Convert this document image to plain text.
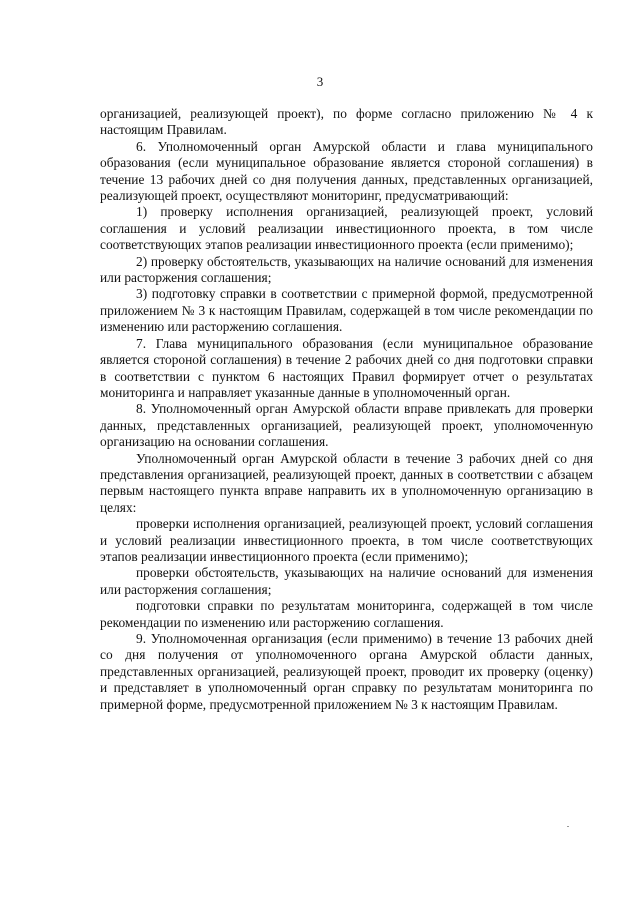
3

организацией, реализующей проект), по форме согласно приложению № 4 к настоящим Правилам.

6. Уполномоченный орган Амурской области и глава муниципального образования (если муниципальное образование является стороной соглашения) в течение 13 рабочих дней со дня получения данных, представленных организацией, реализующей проект, осуществляют мониторинг, предусматривающий:

1) проверку исполнения организацией, реализующей проект, условий соглашения и условий реализации инвестиционного проекта, в том числе соответствующих этапов реализации инвестиционного проекта (если применимо);

2) проверку обстоятельств, указывающих на наличие оснований для изменения или расторжения соглашения;

3) подготовку справки в соответствии с примерной формой, предусмотренной приложением № 3 к настоящим Правилам, содержащей в том числе рекомендации по изменению или расторжению соглашения.

7. Глава муниципального образования (если муниципальное образование является стороной соглашения) в течение 2 рабочих дней со дня подготовки справки в соответствии с пунктом 6 настоящих Правил формирует отчет о результатах мониторинга и направляет указанные данные в уполномоченный орган.

8. Уполномоченный орган Амурской области вправе привлекать для проверки данных, представленных организацией, реализующей проект, уполномоченную организацию на основании соглашения.

Уполномоченный орган Амурской области в течение 3 рабочих дней со дня представления организацией, реализующей проект, данных в соответствии с абзацем первым настоящего пункта вправе направить их в уполномоченную организацию в целях:

проверки исполнения организацией, реализующей проект, условий соглашения и условий реализации инвестиционного проекта, в том числе соответствующих этапов реализации инвестиционного проекта (если применимо);

проверки обстоятельств, указывающих на наличие оснований для изменения или расторжения соглашения;

подготовки справки по результатам мониторинга, содержащей в том числе рекомендации по изменению или расторжению соглашения.

9. Уполномоченная организация (если применимо) в течение 13 рабочих дней со дня получения от уполномоченного органа Амурской области данных, представленных организацией, реализующей проект, проводит их проверку (оценку) и представляет в уполномоченный орган справку по результатам мониторинга по примерной форме, предусмотренной приложением № 3 к настоящим Правилам.
